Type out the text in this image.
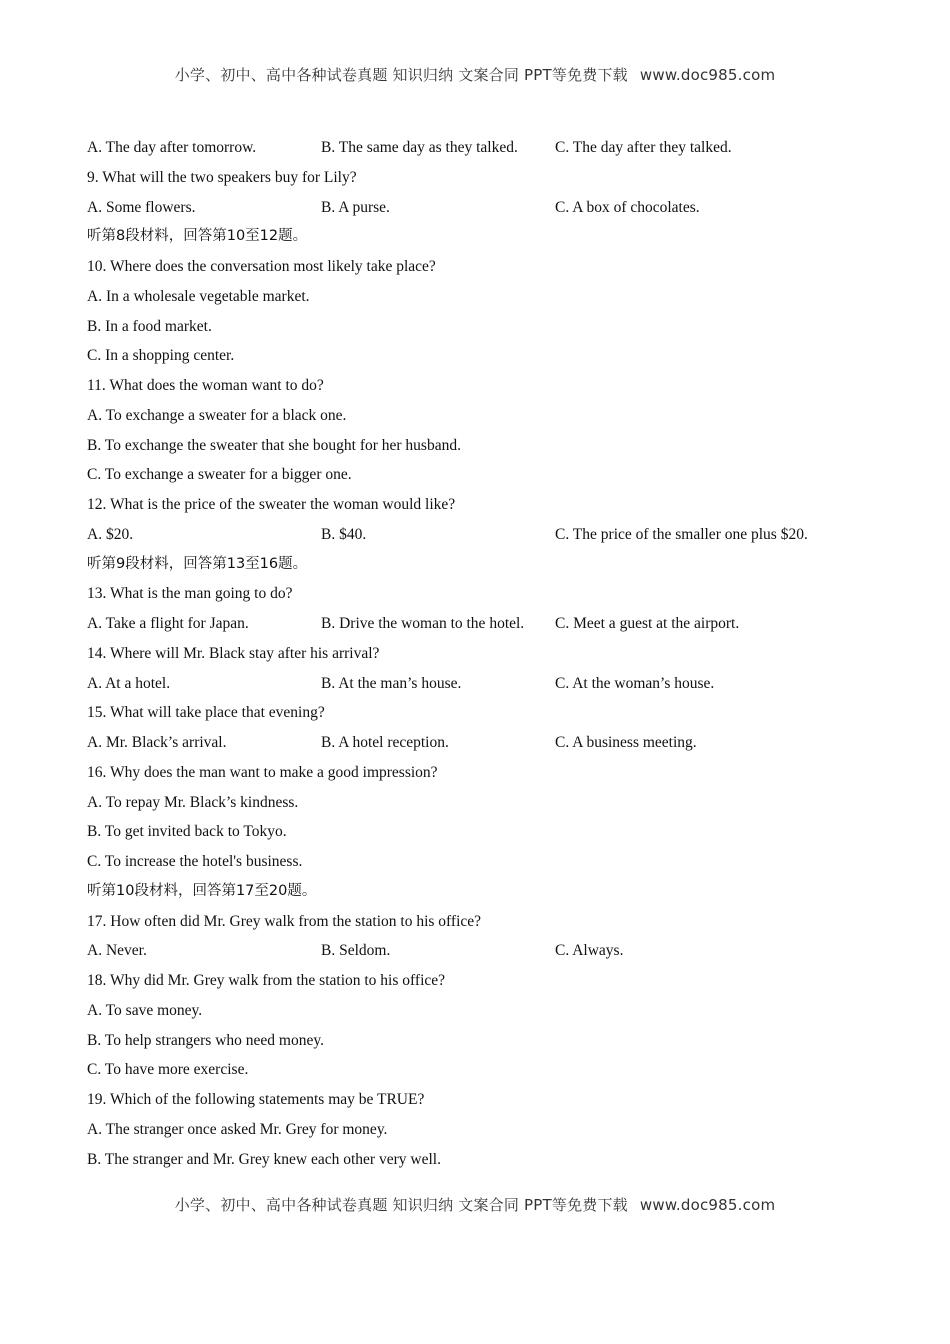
小学、初中、高中各种试卷真题 知识归纳 文案合同 PPT等免费下载 www.doc985.com
A. The day after tomorrow.	B. The same day as they talked. C. The day after they talked.
9. What will the two speakers buy for Lily?
A. Some flowers.	B. A purse.	C. A box of chocolates.
听第8段材料，回答第10至12题。
10. Where does the conversation most likely take place?
A. In a wholesale vegetable market.
B. In a food market.
C. In a shopping center.
11. What does the woman want to do?
A. To exchange a sweater for a black one.
B. To exchange the sweater that she bought for her husband.
C. To exchange a sweater for a bigger one.
12. What is the price of the sweater the woman would like?
A. $20.	B. $40.	C. The price of the smaller one plus $20.
听第9段材料，回答第13至16题。
13. What is the man going to do?
A. Take a flight for Japan.	B. Drive the woman to the hotel. C. Meet a guest at the airport.
14. Where will Mr. Black stay after his arrival?
A. At a hotel.	B. At the man’s house.	C. At the woman’s house.
15. What will take place that evening?
A. Mr. Black’s arrival.	B. A hotel reception.	C. A business meeting.
16. Why does the man want to make a good impression?
A. To repay Mr. Black’s kindness.
B. To get invited back to Tokyo.
C. To increase the hotel's business.
听第10段材料，回答第17至20题。
17. How often did Mr. Grey walk from the station to his office?
A. Never.	B. Seldom.	C. Always.
18. Why did Mr. Grey walk from the station to his office?
A. To save money.
B. To help strangers who need money.
C. To have more exercise.
19. Which of the following statements may be TRUE?
A. The stranger once asked Mr. Grey for money.
B. The stranger and Mr. Grey knew each other very well.
小学、初中、高中各种试卷真题 知识归纳 文案合同 PPT等免费下载 www.doc985.com
